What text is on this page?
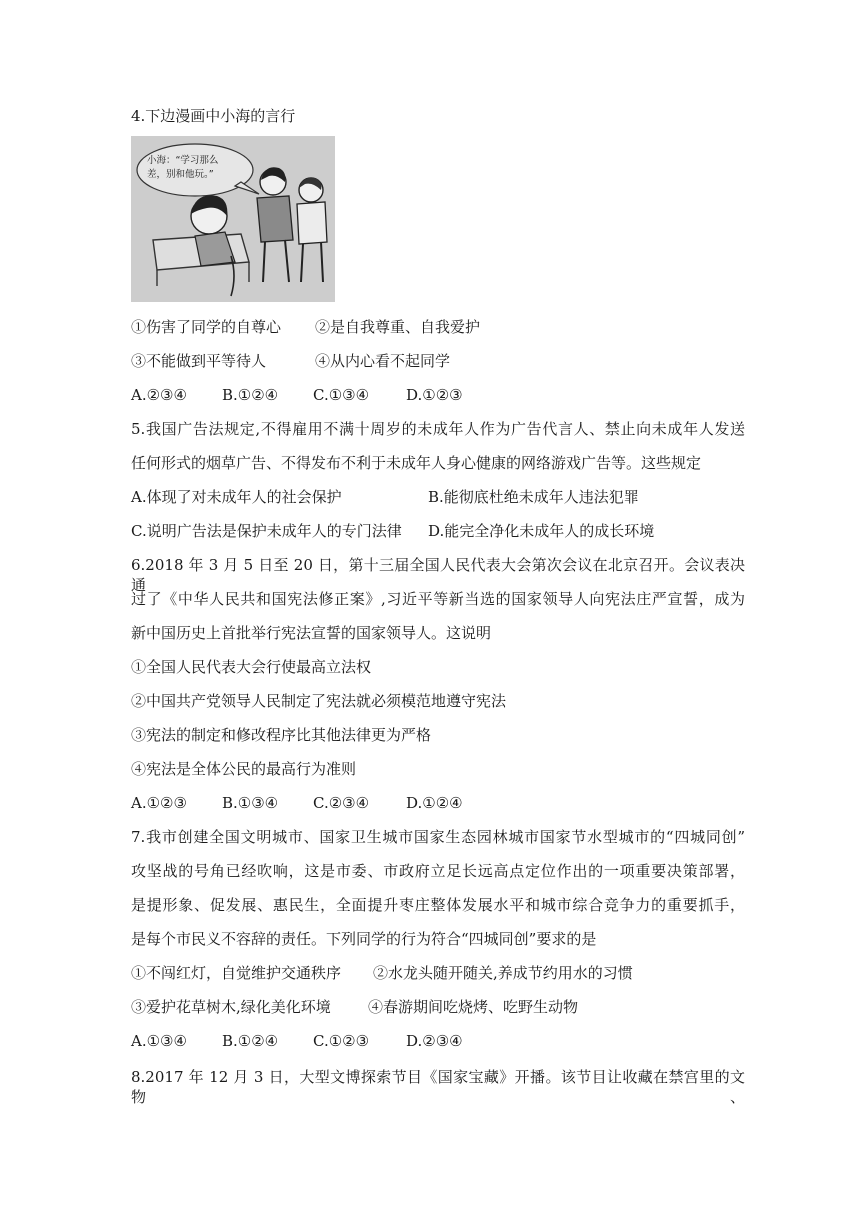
4.下边漫画中小海的言行
小海：“学习那么
差，别和他玩。”
①伤害了同学的自尊心	②是自我尊重、自我爱护
③不能做到平等待人	④从内心看不起同学
A.②③④	B.①②④	C.①③④	D.①②③
5.我国广告法规定,不得雇用不满十周岁的未成年人作为广告代言人、禁止向未成年人发送
任何形式的烟草广告、不得发布不利于未成年人身心健康的网络游戏广告等。这些规定
A.体现了对未成年人的社会保护	B.能彻底杜绝未成年人违法犯罪
C.说明广告法是保护未成年人的专门法律	D.能完全净化未成年人的成长环境
6.2018 年 3 月 5 日至 20 日，第十三届全国人民代表大会第次会议在北京召开。会议表决通
过了《中华人民共和国宪法修正案》,习近平等新当选的国家领导人向宪法庄严宣誓，成为
新中国历史上首批举行宪法宣誓的国家领导人。这说明
①全国人民代表大会行使最高立法权
②中国共产党领导人民制定了宪法就必须模范地遵守宪法
③宪法的制定和修改程序比其他法律更为严格
④宪法是全体公民的最高行为准则
A.①②③	B.①③④	C.②③④	D.①②④
7.我市创建全国文明城市、国家卫生城市国家生态园林城市国家节水型城市的“四城同创”
攻坚战的号角已经吹响，这是市委、市政府立足长远高点定位作出的一项重要决策部署，
是提形象、促发展、惠民生，全面提升枣庄整体发展水平和城市综合竞争力的重要抓手，
是每个市民义不容辞的责任。下列同学的行为符合“四城同创”要求的是
①不闯红灯，自觉维护交通秩序	②水龙头随开随关,养成节约用水的习惯
③爱护花草树木,绿化美化环境	④春游期间吃烧烤、吃野生动物
A.①③④	B.①②④	C.①②③	D.②③④
8.2017 年 12 月 3 日，大型文博探索节目《国家宝藏》开播。该节目让收藏在禁宫里的文物、
